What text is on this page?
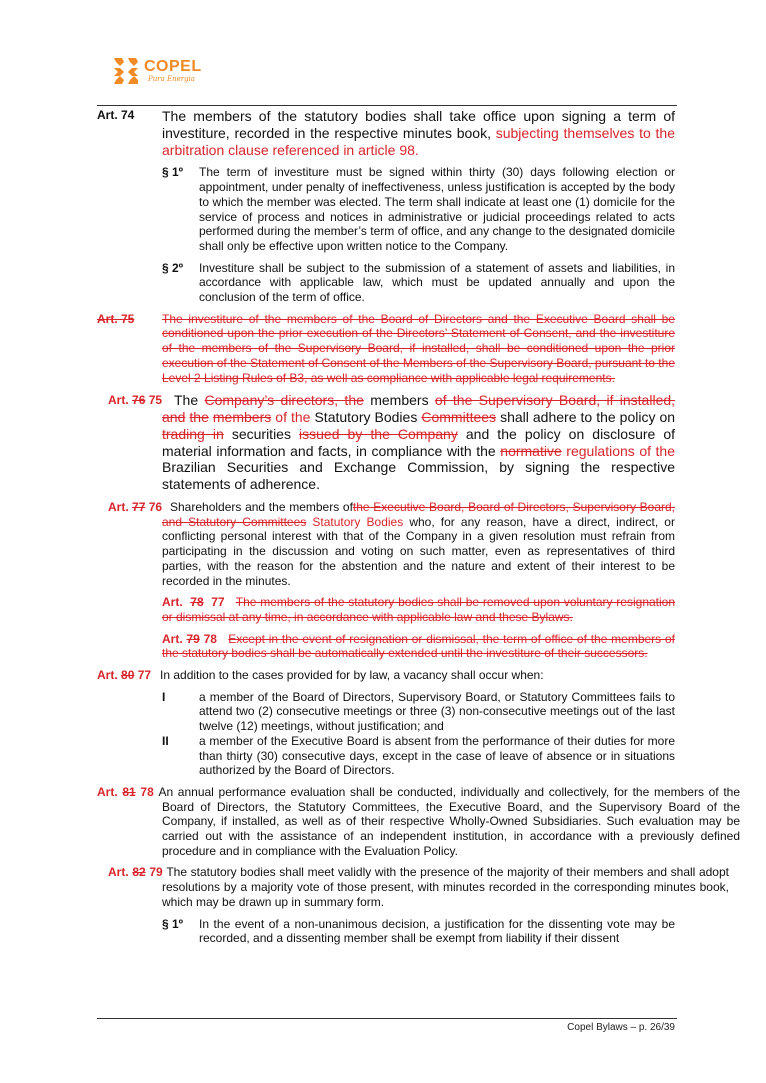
COPEL
Pura Energia
Art. 74 The members of the statutory bodies shall take office upon signing a term of investiture, recorded in the respective minutes book, subjecting themselves to the arbitration clause referenced in article 98.
§ 1º The term of investiture must be signed within thirty (30) days following election or appointment, under penalty of ineffectiveness, unless justification is accepted by the body to which the member was elected. The term shall indicate at least one (1) domicile for the service of process and notices in administrative or judicial proceedings related to acts performed during the member’s term of office, and any change to the designated domicile shall only be effective upon written notice to the Company.
§ 2º Investiture shall be subject to the submission of a statement of assets and liabilities, in accordance with applicable law, which must be updated annually and upon the conclusion of the term of office.
Art. 75 The investiture of the members of the Board of Directors and the Executive Board shall be conditioned upon the prior execution of the Directors’ Statement of Consent, and the investiture of the members of the Supervisory Board, if installed, shall be conditioned upon the prior execution of the Statement of Consent of the Members of the Supervisory Board, pursuant to the Level 2 Listing Rules of B3, as well as compliance with applicable legal requirements.
Art. 76 75 The Company’s directors, the members of the Supervisory Board, if installed, and the members of the Statutory Bodies Committees shall adhere to the policy on trading in securities issued by the Company and the policy on disclosure of material information and facts, in compliance with the normative regulations of the Brazilian Securities and Exchange Commission, by signing the respective statements of adherence.
Art. 77 76 Shareholders and the members ofthe Executive Board, Board of Directors, Supervisory Board, and Statutory Committees Statutory Bodies who, for any reason, have a direct, indirect, or conflicting personal interest with that of the Company in a given resolution must refrain from participating in the discussion and voting on such matter, even as representatives of third parties, with the reason for the abstention and the nature and extent of their interest to be recorded in the minutes.
Art. 78 77 The members of the statutory bodies shall be removed upon voluntary resignation or dismissal at any time, in accordance with applicable law and these Bylaws.
Art. 79 78 Except in the event of resignation or dismissal, the term of office of the members of the statutory bodies shall be automatically extended until the investiture of their successors.
Art. 80 77 In addition to the cases provided for by law, a vacancy shall occur when:
I	a member of the Board of Directors, Supervisory Board, or Statutory Committees fails to attend two (2) consecutive meetings or three (3) non-consecutive meetings out of the last twelve (12) meetings, without justification; and
II	a member of the Executive Board is absent from the performance of their duties for more than thirty (30) consecutive days, except in the case of leave of absence or in situations authorized by the Board of Directors.
Art. 81 78 An annual performance evaluation shall be conducted, individually and collectively, for the members of the Board of Directors, the Statutory Committees, the Executive Board, and the Supervisory Board of the Company, if installed, as well as of their respective Wholly-Owned Subsidiaries. Such evaluation may be carried out with the assistance of an independent institution, in accordance with a previously defined procedure and in compliance with the Evaluation Policy.
Art. 82 79 The statutory bodies shall meet validly with the presence of the majority of their members and shall adopt resolutions by a majority vote of those present, with minutes recorded in the corresponding minutes book, which may be drawn up in summary form.
§ 1º In the event of a non-unanimous decision, a justification for the dissenting vote may be recorded, and a dissenting member shall be exempt from liability if their dissent
Copel Bylaws – p. 26/39
